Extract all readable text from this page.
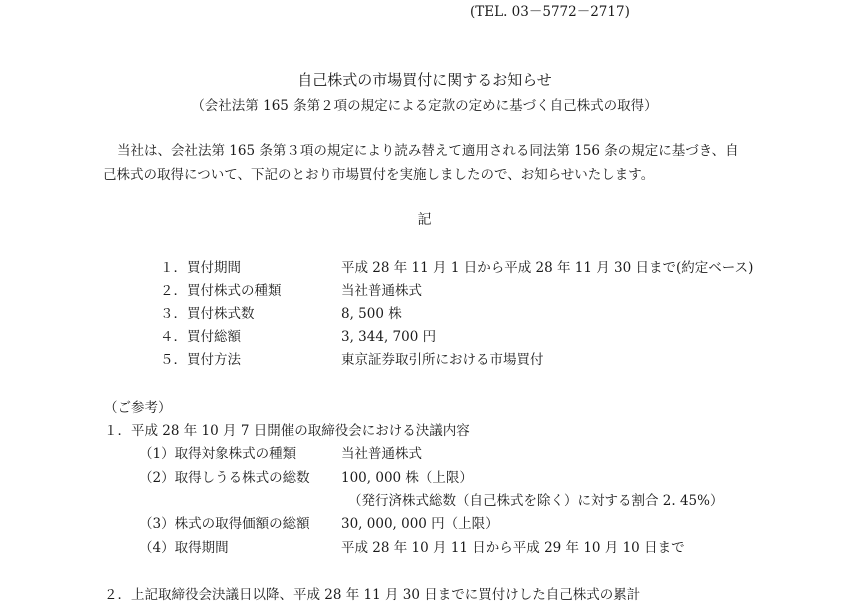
(TEL. 03－5772－2717)
自己株式の市場買付に関するお知らせ
（会社法第 165 条第２項の規定による定款の定めに基づく自己株式の取得）
当社は、会社法第 165 条第３項の規定により読み替えて適用される同法第 156 条の規定に基づき、自
己株式の取得について、下記のとおり市場買付を実施しましたので、お知らせいたします。
記
１．買付期間	平成 28 年 11 月 1 日から平成 28 年 11 月 30 日まで(約定ベース)
２．買付株式の種類	当社普通株式
３．買付株式数	8, 500 株
４．買付総額	3, 344, 700 円
５．買付方法	東京証券取引所における市場買付
（ご参考）
１．平成 28 年 10 月 7 日開催の取締役会における決議内容
（1）取得対象株式の種類	当社普通株式
（2）取得しうる株式の総数 100, 000 株（上限）
（発行済株式総数（自己株式を除く）に対する割合 2. 45%）
（3）株式の取得価額の総額 30, 000, 000 円（上限）
（4）取得期間	平成 28 年 10 月 11 日から平成 29 年 10 月 10 日まで
２．上記取締役会決議日以降、平成 28 年 11 月 30 日までに買付けした自己株式の累計
